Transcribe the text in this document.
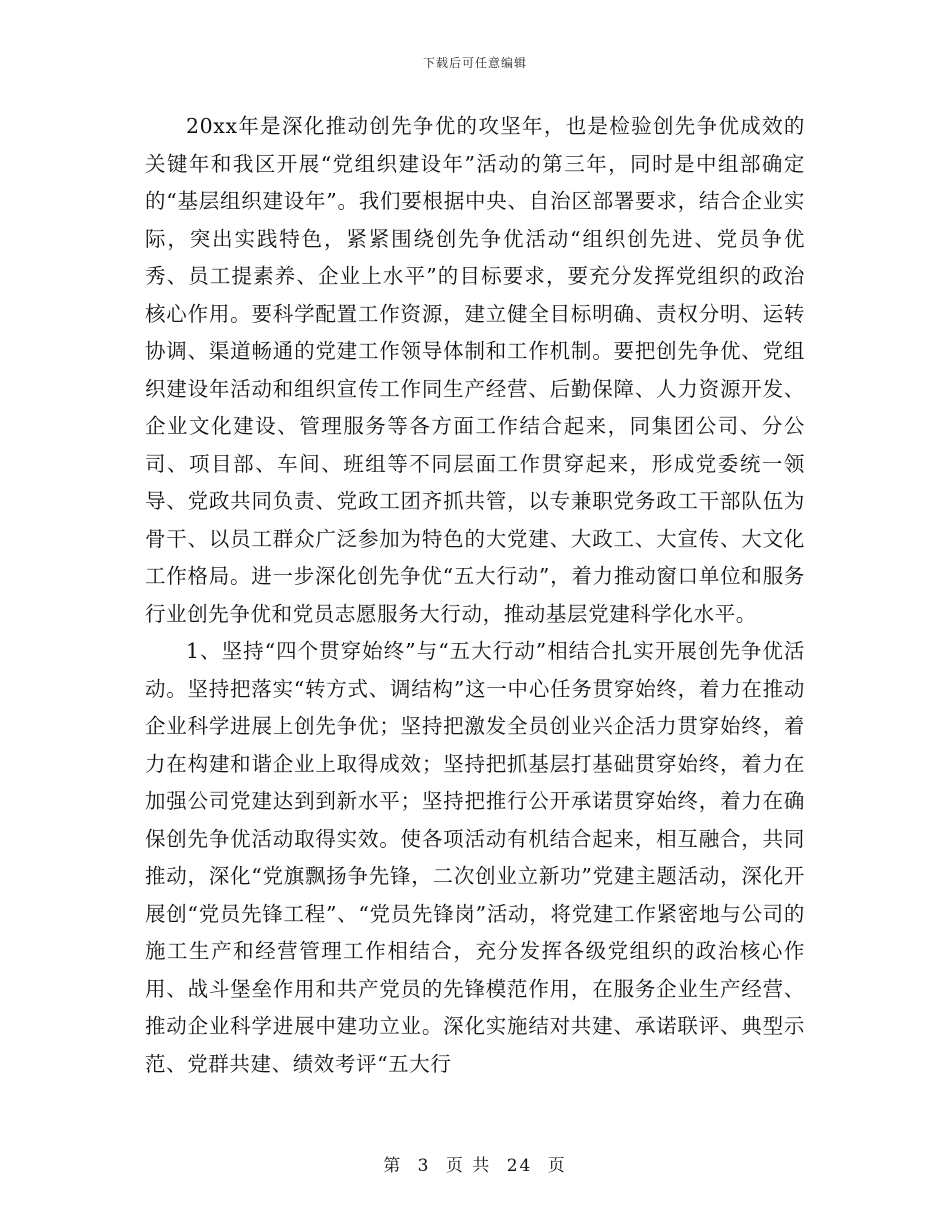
下载后可任意编辑

20xx年是深化推动创先争优的攻坚年，也是检验创先争优成效的关键年和我区开展“党组织建设年”活动的第三年，同时是中组部确定的“基层组织建设年”。我们要根据中央、自治区部署要求，结合企业实际，突出实践特色，紧紧围绕创先争优活动“组织创先进、党员争优秀、员工提素养、企业上水平”的目标要求，要充分发挥党组织的政治核心作用。要科学配置工作资源，建立健全目标明确、责权分明、运转协调、渠道畅通的党建工作领导体制和工作机制。要把创先争优、党组织建设年活动和组织宣传工作同生产经营、后勤保障、人力资源开发、企业文化建设、管理服务等各方面工作结合起来，同集团公司、分公司、项目部、车间、班组等不同层面工作贯穿起来，形成党委统一领导、党政共同负责、党政工团齐抓共管，以专兼职党务政工干部队伍为骨干、以员工群众广泛参加为特色的大党建、大政工、大宣传、大文化工作格局。进一步深化创先争优“五大行动”，着力推动窗口单位和服务行业创先争优和党员志愿服务大行动，推动基层党建科学化水平。

1、坚持“四个贯穿始终”与“五大行动”相结合扎实开展创先争优活动。坚持把落实“转方式、调结构”这一中心任务贯穿始终，着力在推动企业科学进展上创先争优；坚持把激发全员创业兴企活力贯穿始终，着力在构建和谐企业上取得成效；坚持把抓基层打基础贯穿始终，着力在加强公司党建达到到新水平；坚持把推行公开承诺贯穿始终，着力在确保创先争优活动取得实效。使各项活动有机结合起来，相互融合，共同推动，深化“党旗飘扬争先锋，二次创业立新功”党建主题活动，深化开展创“党员先锋工程”、“党员先锋岗”活动，将党建工作紧密地与公司的施工生产和经营管理工作相结合，充分发挥各级党组织的政治核心作用、战斗堡垒作用和共产党员的先锋模范作用，在服务企业生产经营、推动企业科学进展中建功立业。深化实施结对共建、承诺联评、典型示范、党群共建、绩效考评“五大行

第 3 页 共 24 页
